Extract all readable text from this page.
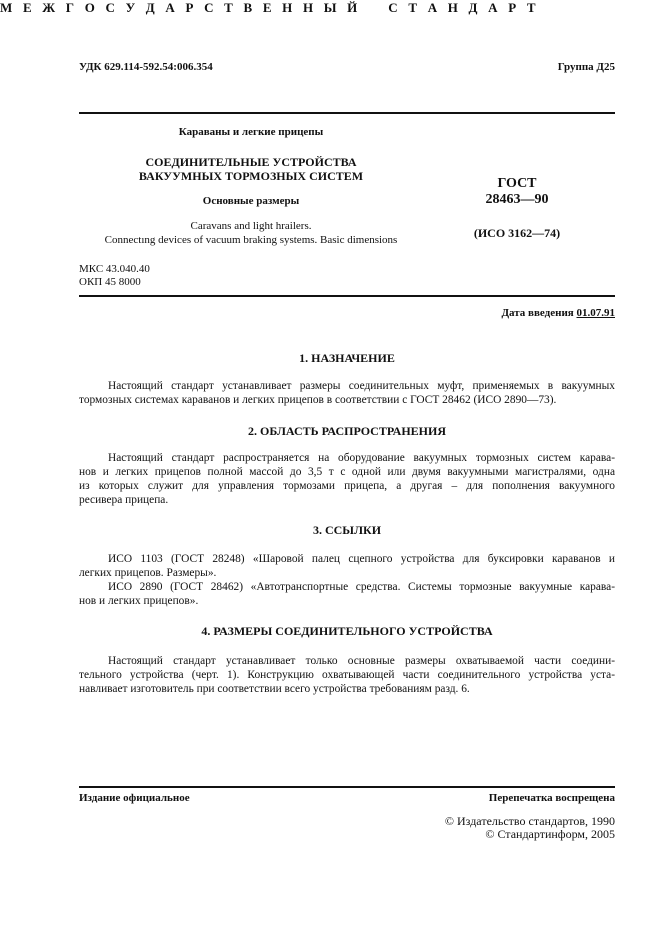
УДК 629.114-592.54:006.354	Группа Д25
М Е Ж Г О С У Д А Р С Т В Е Н Н Ы Й   С Т А Н Д А Р Т
Караваны и легкие прицепы
СОЕДИНИТЕЛЬНЫЕ УСТРОЙСТВА
ВАКУУМНЫХ ТОРМОЗНЫХ СИСТЕМ
Основные размеры
Caravans and light hrailers.
Connectıng devices of vacuum braking systems. Basic dimensions
ГОСТ
28463—90
(ИСО 3162—74)
МКС 43.040.40
ОКП 45 8000
Дата введения 01.07.91
1. НАЗНАЧЕНИЕ
Настоящий стандарт устанавливает размеры соединительных муфт, применяемых в вакуумных
тормозных системах караванов и легких прицепов в соответствии с ГОСТ 28462 (ИСО 2890—73).
2. ОБЛАСТЬ РАСПРОСТРАНЕНИЯ
Настоящий стандарт распространяется на оборудование вакуумных тормозных систем карава-
нов и легких прицепов полной массой до 3,5 т с одной или двумя вакуумными магистралями, одна
из которых служит для управления тормозами прицепа, а другая – для пополнения вакуумного
ресивера прицепа.
3. ССЫЛКИ
ИСО 1103 (ГОСТ 28248) «Шаровой палец сцепного устройства для буксировки караванов и
легких прицепов. Размеры».
ИСО 2890 (ГОСТ 28462) «Автотранспортные средства. Системы тормозные вакуумные карава-
нов и легких прицепов».
4. РАЗМЕРЫ СОЕДИНИТЕЛЬНОГО УСТРОЙСТВА
Настоящий стандарт устанавливает только основные размеры охватываемой части соедини-
тельного устройства (черт. 1). Конструкцию охватывающей части соединительного устройства уста-
навливает изготовитель при соответствии всего устройства требованиям разд. 6.
Издание официальное	Перепечатка воспрещена
© Издательство стандартов, 1990
© Стандартинформ, 2005
